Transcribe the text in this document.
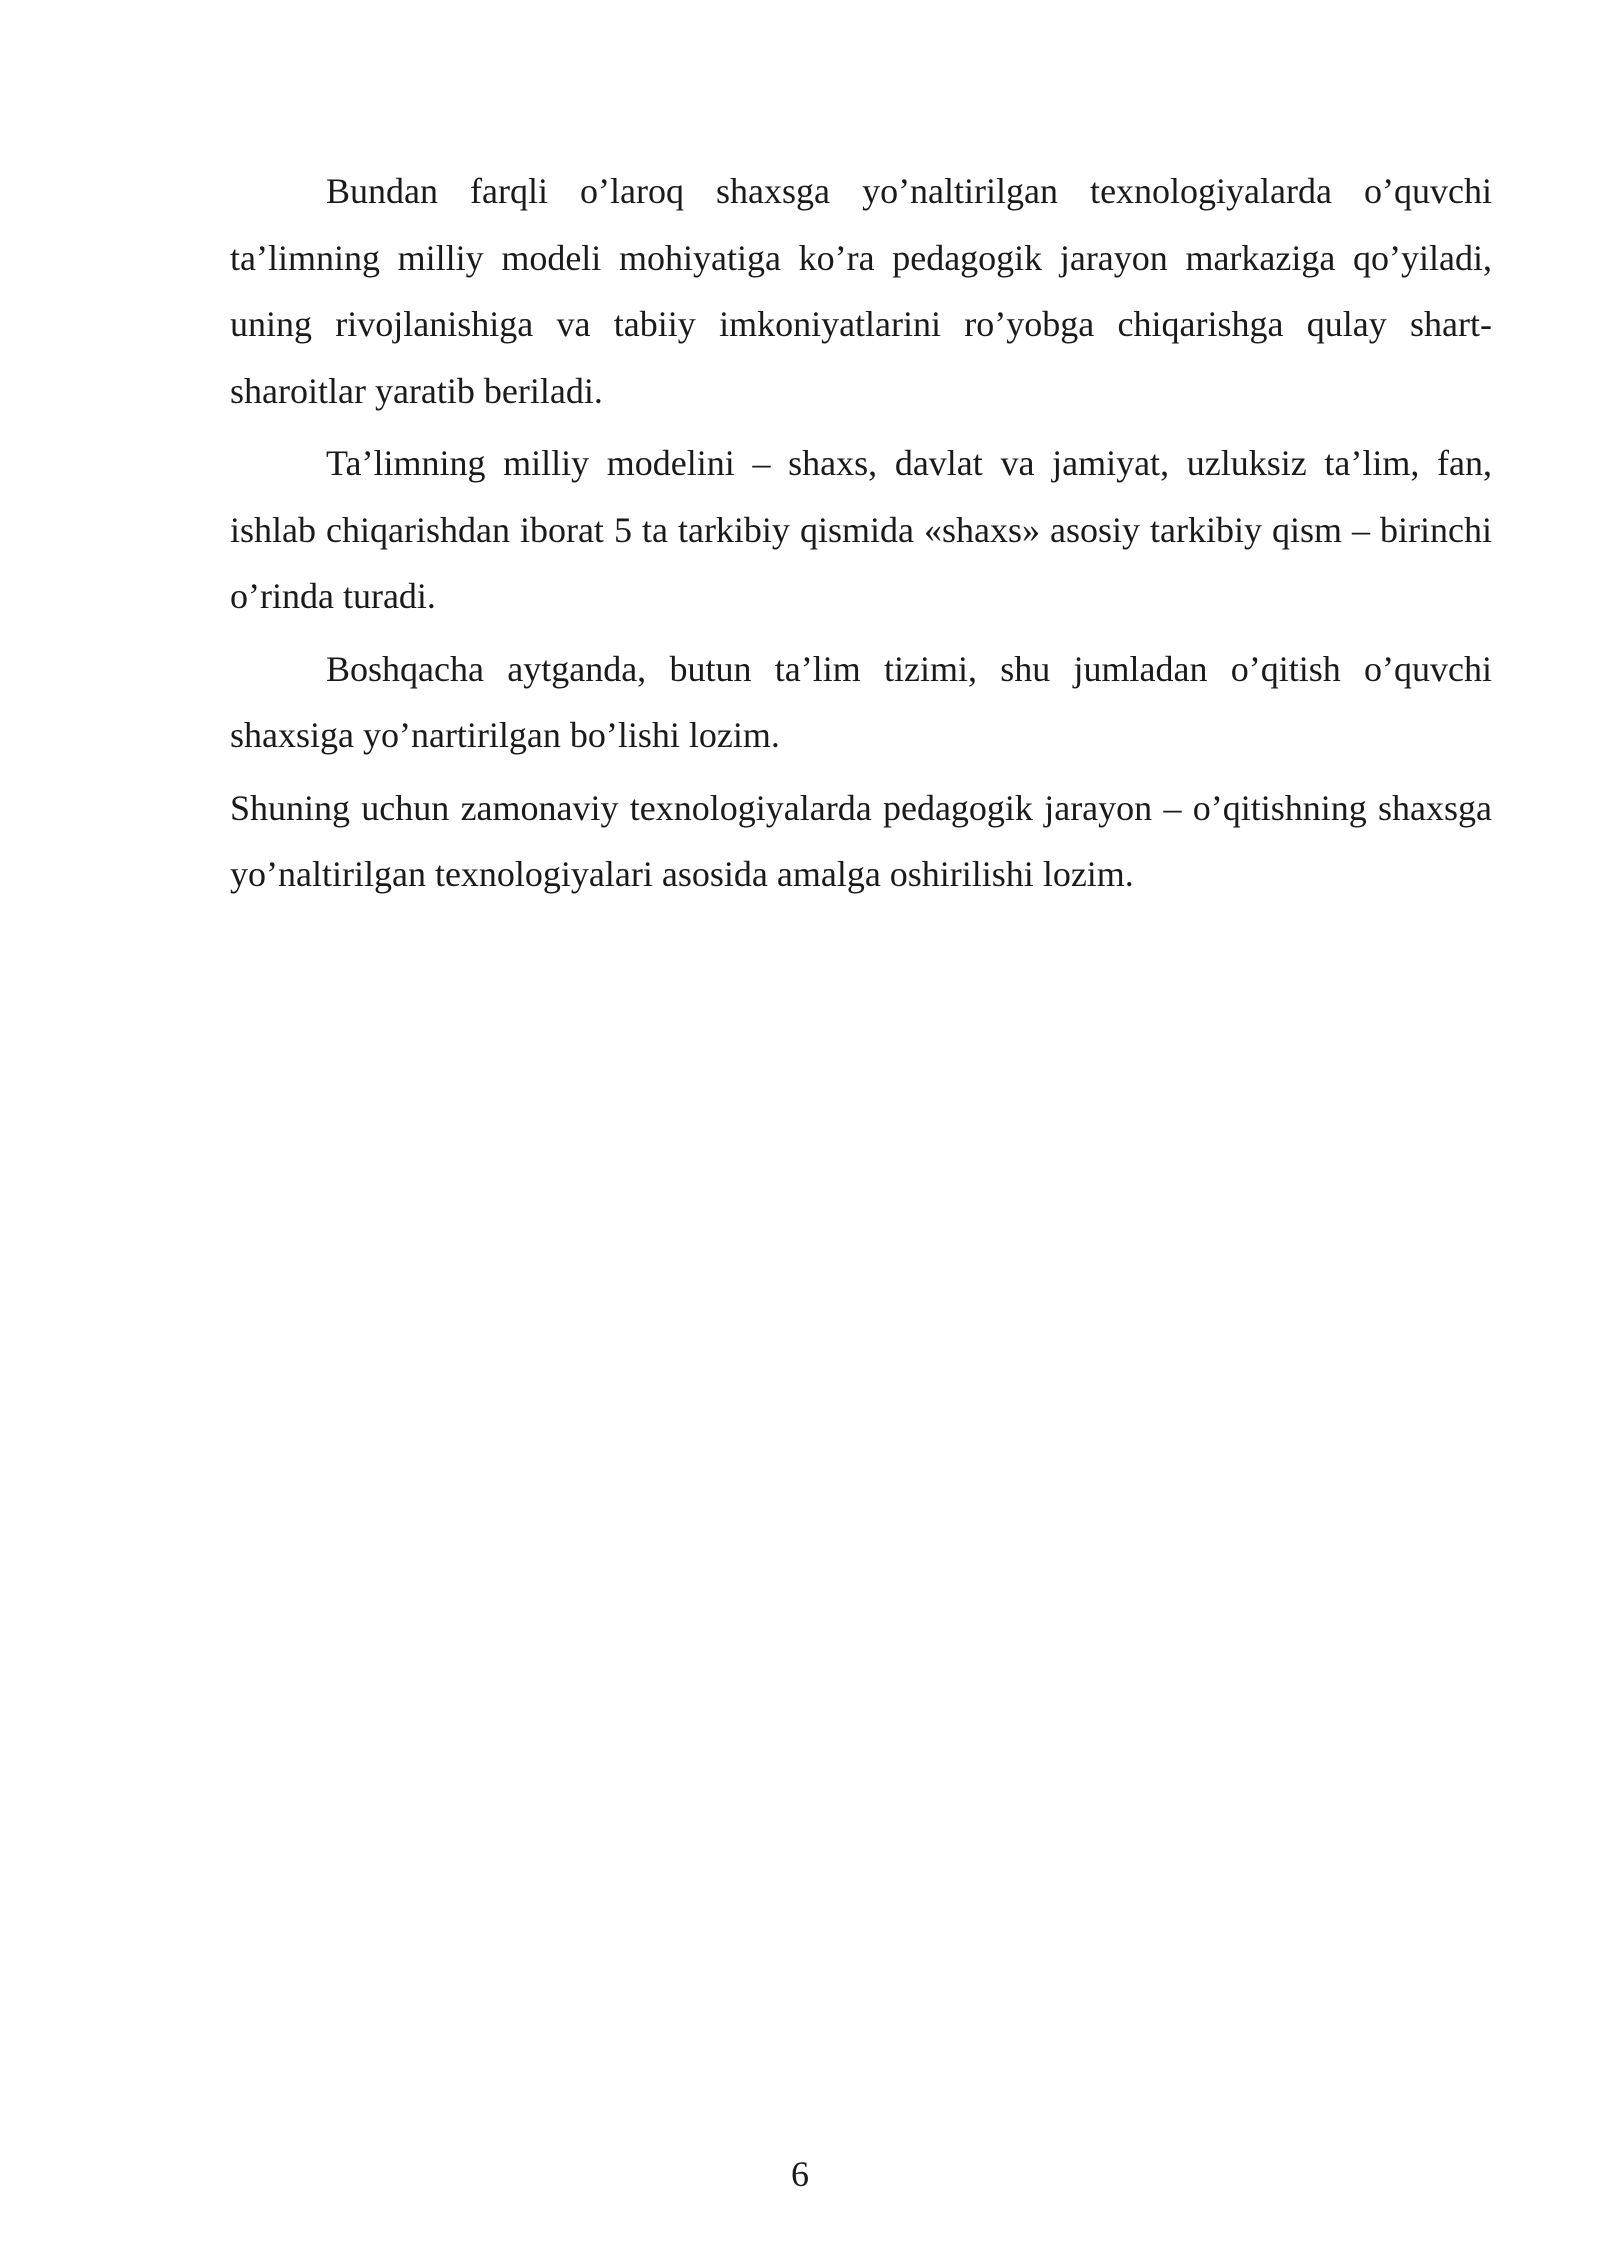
Bundan farqli o’laroq shaxsga yo’naltirilgan texnologiyalarda o’quvchi ta’limning milliy modeli mohiyatiga ko’ra pedagogik jarayon markaziga qo’yiladi, uning rivojlanishiga va tabiiy imkoniyatlarini ro’yobga chiqarishga qulay shart-sharoitlar yaratib beriladi.

Ta’limning milliy modelini – shaxs, davlat va jamiyat, uzluksiz ta’lim, fan, ishlab chiqarishdan iborat 5 ta tarkibiy qismida «shaxs» asosiy tarkibiy qism – birinchi o’rinda turadi.

Boshqacha aytganda, butun ta’lim tizimi, shu jumladan o’qitish o’quvchi shaxsiga yo’nartirilgan bo’lishi lozim.

Shuning uchun zamonaviy texnologiyalarda pedagogik jarayon – o’qitishning shaxsga yo’naltirilgan texnologiyalari asosida amalga oshirilishi lozim.

6
